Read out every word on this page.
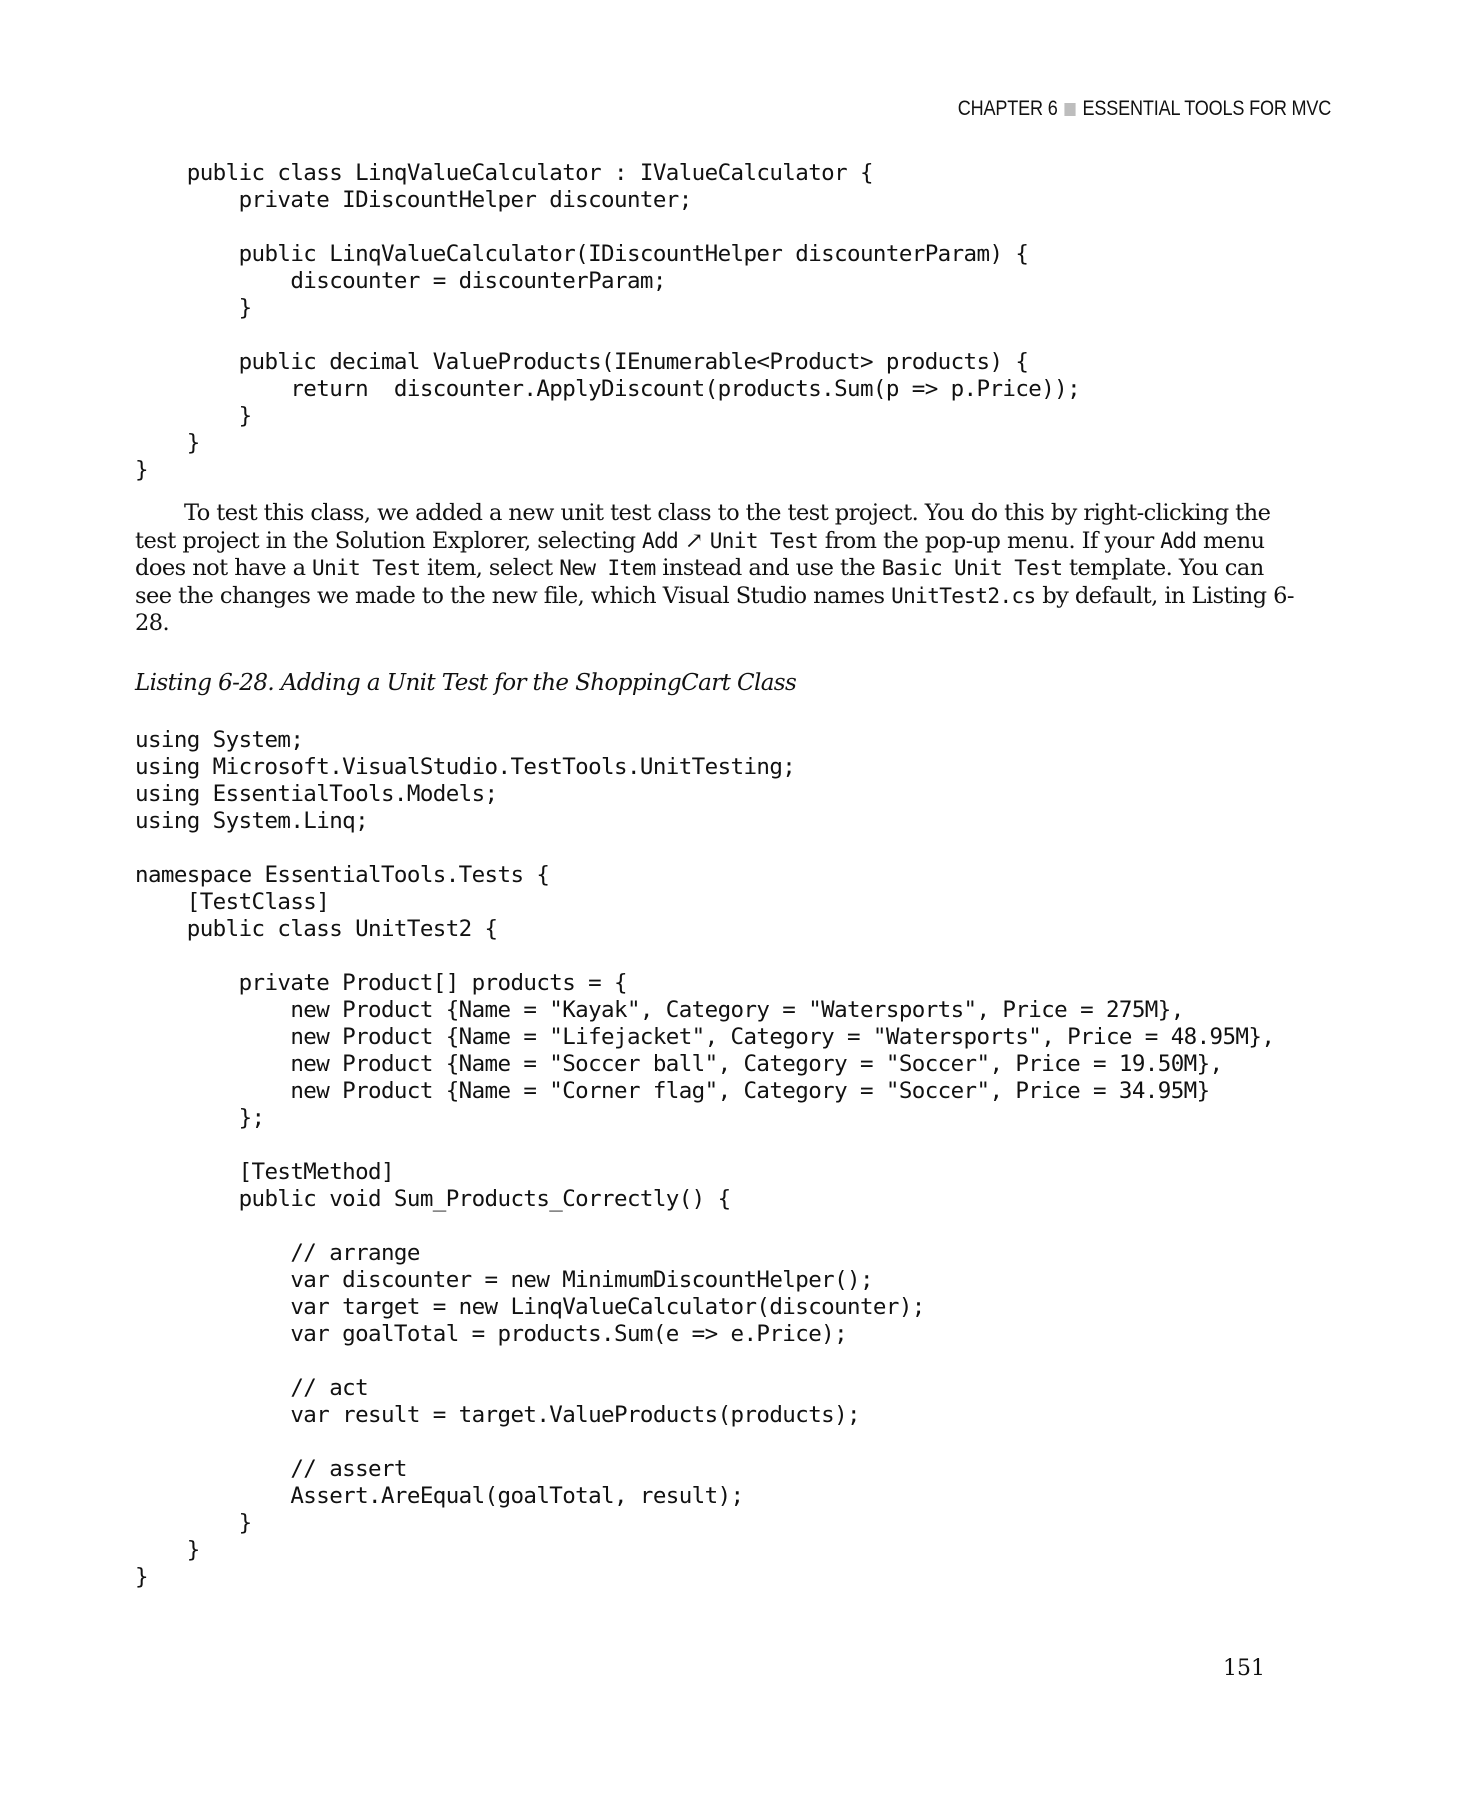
CHAPTER 6 ESSENTIAL TOOLS FOR MVC
public class LinqValueCalculator : IValueCalculator {
private IDiscountHelper discounter;

public LinqValueCalculator(IDiscountHelper discounterParam) {
discounter = discounterParam;
}

public decimal ValueProducts(IEnumerable<Product> products) {
return  discounter.ApplyDiscount(products.Sum(p => p.Price));
}
}
}

To test this class, we added a new unit test class to the test project. You do this by right-clicking the test project in the Solution Explorer, selecting Add ↗ Unit Test from the pop-up menu. If your Add menu does not have a Unit Test item, select New Item instead and use the Basic Unit Test template. You can see the changes we made to the new file, which Visual Studio names UnitTest2.cs by default, in Listing 6-28.

Listing 6-28. Adding a Unit Test for the ShoppingCart Class

using System;
using Microsoft.VisualStudio.TestTools.UnitTesting;
using EssentialTools.Models;
using System.Linq;

namespace EssentialTools.Tests {
[TestClass]
public class UnitTest2 {

private Product[] products = {
new Product {Name = "Kayak", Category = "Watersports", Price = 275M},
new Product {Name = "Lifejacket", Category = "Watersports", Price = 48.95M},
new Product {Name = "Soccer ball", Category = "Soccer", Price = 19.50M},
new Product {Name = "Corner flag", Category = "Soccer", Price = 34.95M}
};

[TestMethod]
public void Sum_Products_Correctly() {

// arrange
var discounter = new MinimumDiscountHelper();
var target = new LinqValueCalculator(discounter);
var goalTotal = products.Sum(e => e.Price);

// act
var result = target.ValueProducts(products);

// assert
Assert.AreEqual(goalTotal, result);
}
}
}
151
